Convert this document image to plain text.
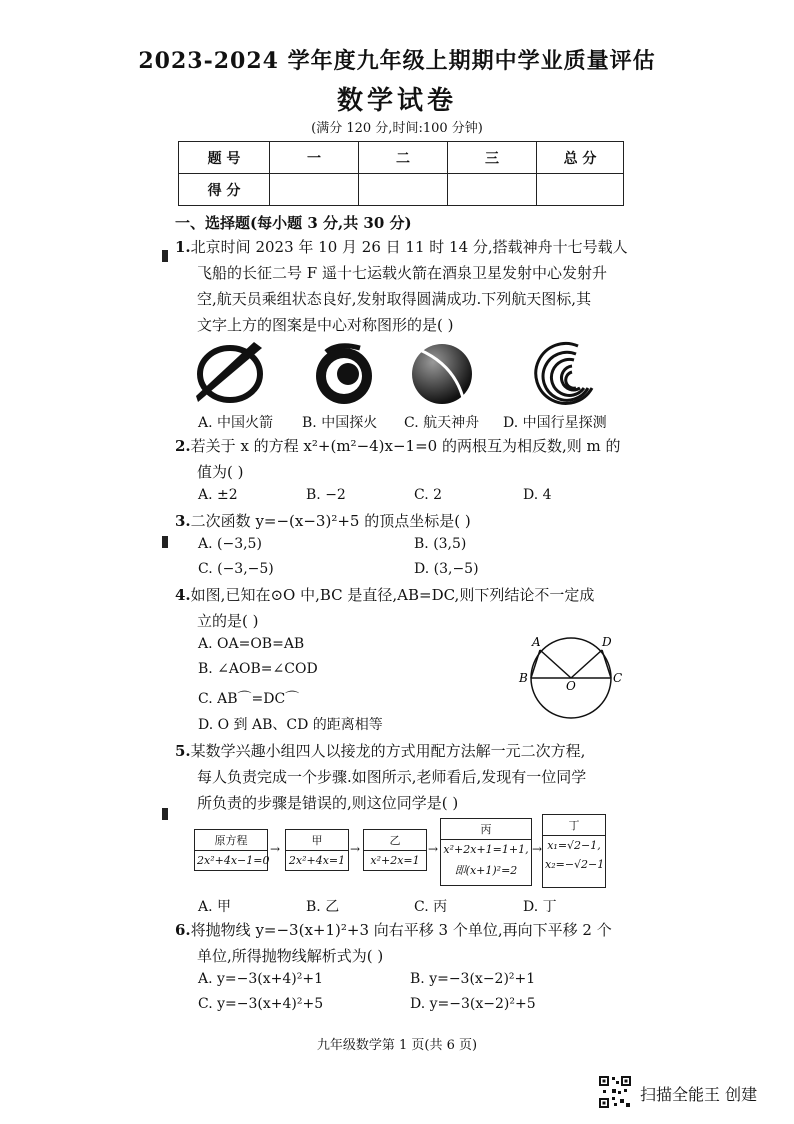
2023-2024 学年度九年级上期期中学业质量评估
数学试卷
(满分 120 分,时间:100 分钟)
题 号	一	二	三	总 分
得 分				
一、选择题(每小题 3 分,共 30 分)
1.北京时间 2023 年 10 月 26 日 11 时 14 分,搭载神舟十七号载人
飞船的长征二号 F 遥十七运载火箭在酒泉卫星发射中心发射升
空,航天员乘组状态良好,发射取得圆满成功.下列航天图标,其
文字上方的图案是中心对称图形的是( )
A. 中国火箭 B. 中国探火 C. 航天神舟 D. 中国行星探测
2.若关于 x 的方程 x²+(m²−4)x−1=0 的两根互为相反数,则 m 的
值为( )
A. ±2	B. −2	C. 2	D. 4
3.二次函数 y=−(x−3)²+5 的顶点坐标是( )
A. (−3,5)	B. (3,5)
C. (−3,−5)	D. (3,−5)
4.如图,已知在⊙O 中,BC 是直径,AB=DC,则下列结论不一定成
立的是( )
A. OA=OB=AB
B. ∠AOB=∠COD
C. AB⌒=DC⌒
D. O 到 AB、CD 的距离相等
A	D
B
O
C
5.某数学兴趣小组四人以接龙的方式用配方法解一元二次方程,
每人负责完成一个步骤.如图所示,老师看后,发现有一位同学
所负责的步骤是错误的,则这位同学是( )
原方程
2x²+4x−1=0
→
甲
2x²+4x=1
→
乙
x²+2x=1
→
丙
x²+2x+1=1+1,
即(x+1)²=2
→
丁
x₁=√2−1,
x₂=−√2−1
A. 甲	B. 乙	C. 丙	D. 丁
6.将抛物线 y=−3(x+1)²+3 向右平移 3 个单位,再向下平移 2 个
单位,所得抛物线解析式为( )
A. y=−3(x+4)²+1	B. y=−3(x−2)²+1
C. y=−3(x+4)²+5	D. y=−3(x−2)²+5
九年级数学第 1 页(共 6 页)
扫描全能王 创建
